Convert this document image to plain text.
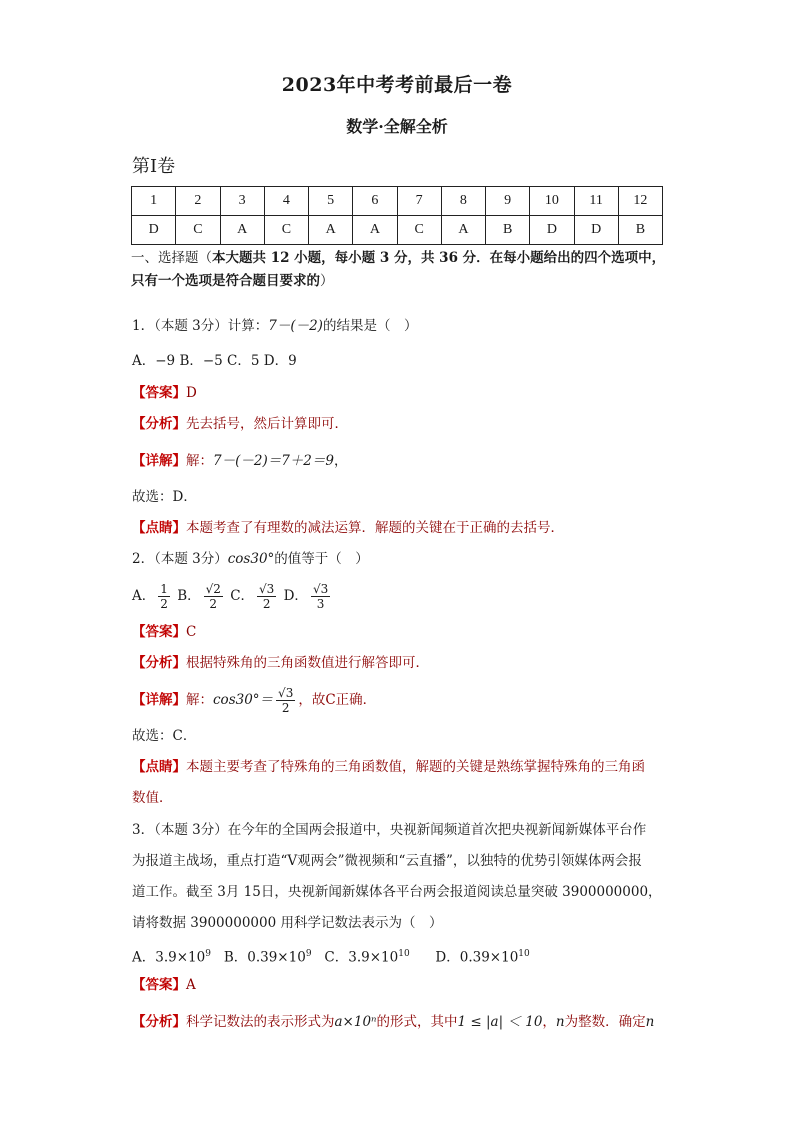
2023年中考考前最后一卷
数学·全解全析
第Ⅰ卷
1	2	3	4	5	6	7	8	9	10	11	12
D	C	A	C	A	A	C	A	B	D	D	B
一、选择题（本大题共 12 小题，每小题 3 分，共 36 分．在每小题给出的四个选项中，只有一个选项是符合题目要求的）
1．（本题 3分）计算：7－(－2)的结果是（　）
A．−9 B．−5 C．5 D．9
【答案】D
【分析】先去括号，然后计算即可．
【详解】解：7－(－2)＝7＋2＝9，
故选：D．
【点睛】本题考查了有理数的减法运算．解题的关键在于正确的去括号．
2．（本题 3分）cos30°的值等于（　）
A． $\frac{1}{2}$ B． $\frac{√2}{2}$ C． $\frac{√3}{2}$ D． $\frac{√3}{3}$
【答案】C
【分析】根据特殊角的三角函数值进行解答即可．
【详解】解：$\cos 30^\circ= \frac{√3}{2}$ ，故C正确．
故选：C．
【点睛】本题主要考查了特殊角的三角函数值，解题的关键是熟练掌握特殊角的三角函
数值．
3．（本题 3分）在今年的全国两会报道中，央视新闻频道首次把央视新闻新媒体平台作
为报道主战场，重点打造“V观两会”微视频和“云直播”，以独特的优势引领媒体两会报
道工作。截至 3月 15日，央视新闻新媒体各平台两会报道阅读总量突破 3900000000，
请将数据 3900000000 用科学记数法表示为（　）
A．$3.9\times 10^9$ B．$0.39\times 10^9$ C．$3.9\times 10^{10}$ D．$0.39\times 10^{10}$
【答案】A
【分析】科学记数法的表示形式为a×10ⁿ的形式，其中1 ≤ |a| ＜ 10，n为整数．确定n
